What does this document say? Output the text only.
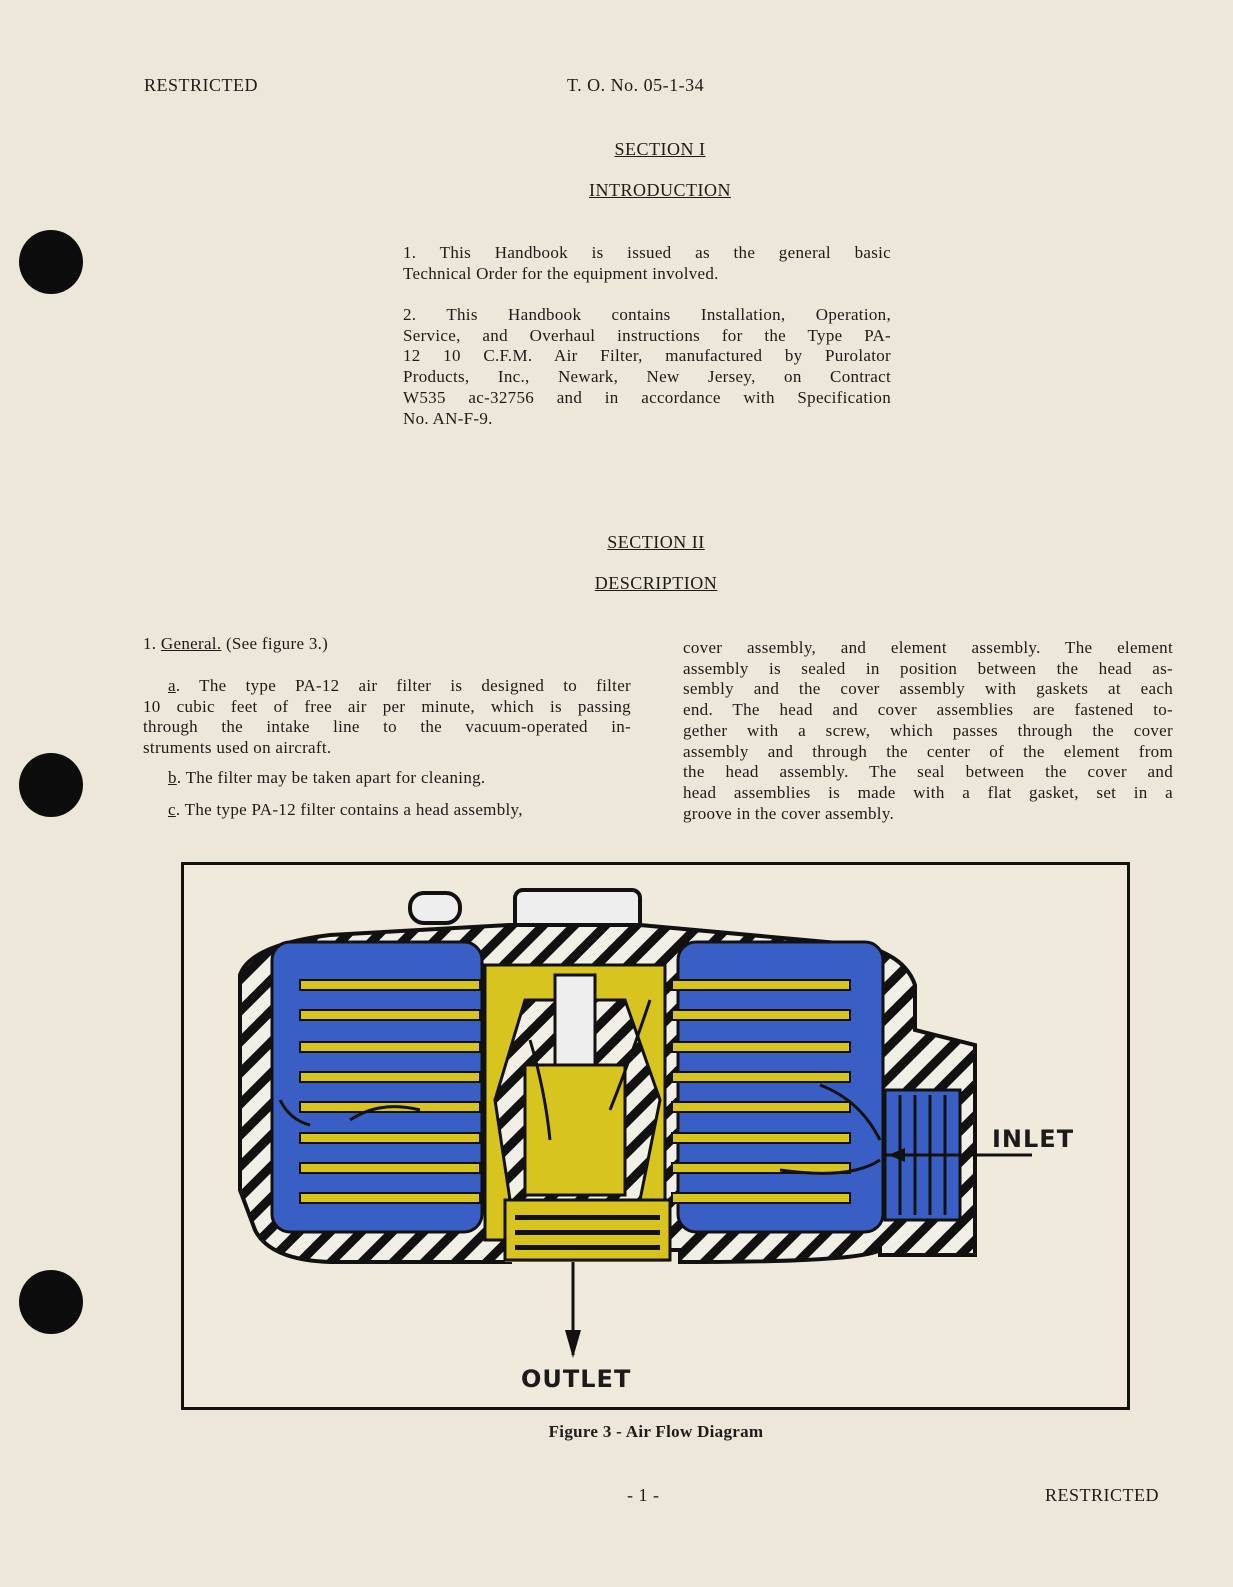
RESTRICTED	T. O. No. 05-1-34
SECTION I
INTRODUCTION
1. This Handbook is issued as the general basic
Technical Order for the equipment involved.
2. This Handbook contains Installation, Operation,
Service, and Overhaul instructions for the Type PA-
12 10 C.F.M. Air Filter, manufactured by Purolator
Products, Inc., Newark, New Jersey, on Contract
W535 ac-32756 and in accordance with Specification
No. AN-F-9.
SECTION II
DESCRIPTION
1. General. (See figure 3.)
a. The type PA-12 air filter is designed to filter
10 cubic feet of free air per minute, which is passing
through the intake line to the vacuum-operated in-
struments used on aircraft.
b. The filter may be taken apart for cleaning.
c. The type PA-12 filter contains a head assembly,
cover assembly, and element assembly. The element
assembly is sealed in position between the head as-
sembly and the cover assembly with gaskets at each
end. The head and cover assemblies are fastened to-
gether with a screw, which passes through the cover
assembly and through the center of the element from
the head assembly. The seal between the cover and
head assemblies is made with a flat gasket, set in a
groove in the cover assembly.
INLET
OUTLET
Figure 3 - Air Flow Diagram
- 1 -	RESTRICTED
